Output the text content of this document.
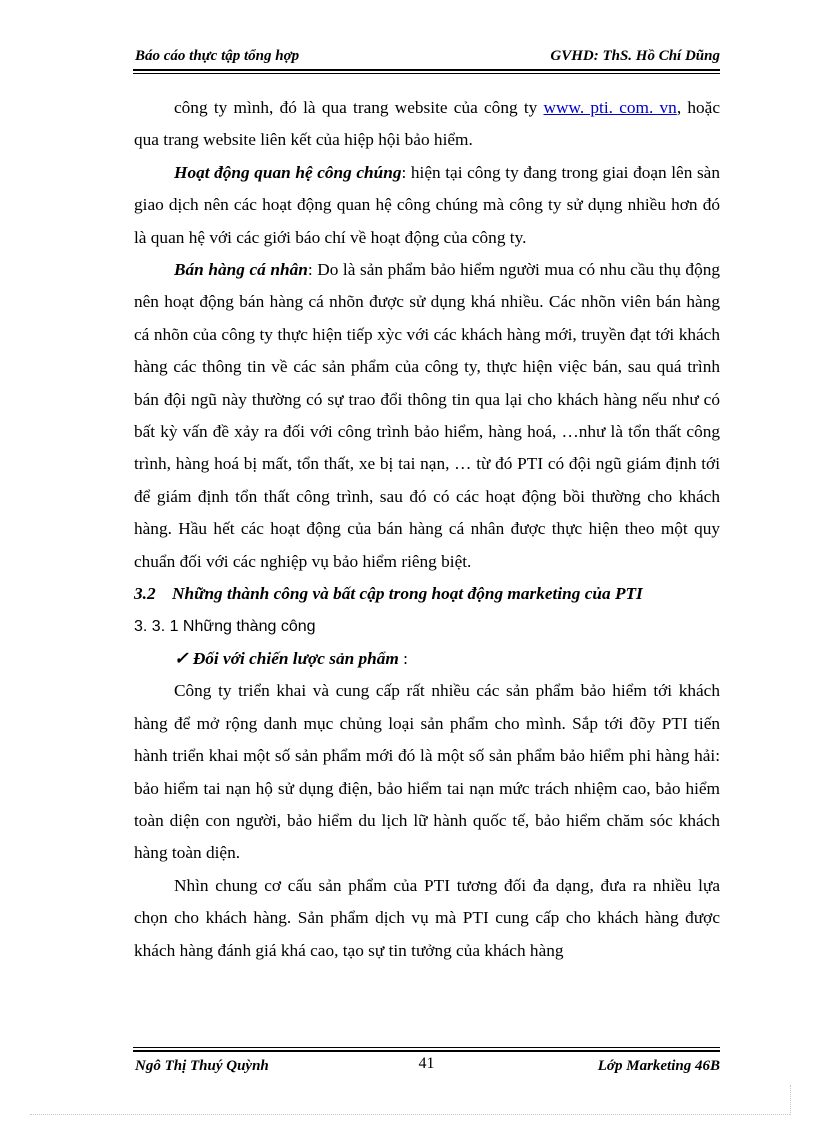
Báo cáo thực tập tổng hợp	GVHD: ThS. Hồ Chí Dũng

công ty mình, đó là qua trang website của công ty www. pti. com. vn, hoặc qua trang website liên kết của hiệp hội bảo hiểm.

Hoạt động quan hệ công chúng: hiện tại công ty đang trong giai đoạn lên sàn giao dịch nên các hoạt động quan hệ công chúng mà công ty sử dụng nhiều hơn đó là quan hệ với các giới báo chí về hoạt động của công ty.

Bán hàng cá nhân: Do là sản phẩm bảo hiểm người mua có nhu cầu thụ động nên hoạt động bán hàng cá nhõn được sử dụng khá nhiều. Các nhõn viên bán hàng cá nhõn của công ty thực hiện tiếp xỳc với các khách hàng mới, truyền đạt tới khách hàng các thông tin về các sản phẩm của công ty, thực hiện việc bán, sau quá trình bán đội ngũ này thường có sự trao đổi thông tin qua lại cho khách hàng nếu như có bất kỳ vấn đề xảy ra đối với công trình bảo hiểm, hàng hoá, …như là tổn thất công trình, hàng hoá bị mất, tổn thất, xe bị tai nạn, … từ đó PTI có đội ngũ giám định tới để giám định tổn thất công trình, sau đó có các hoạt động bồi thường cho khách hàng. Hầu hết các hoạt động của bán hàng cá nhân được thực hiện theo một quy chuẩn đối với các nghiệp vụ bảo hiểm riêng biệt.

3.2 Những thành công và bất cập trong hoạt động marketing của PTI
3. 3. 1 Những thàng công
✓ Đối với chiến lược sản phẩm :

Công ty triển khai và cung cấp rất nhiều các sản phẩm bảo hiểm tới khách hàng để mở rộng danh mục chủng loại sản phẩm cho mình. Sắp tới đõy PTI tiến hành triển khai một số sản phẩm mới đó là một số sản phẩm bảo hiểm phi hàng hải: bảo hiểm tai nạn hộ sử dụng điện, bảo hiểm tai nạn mức trách nhiệm cao, bảo hiểm toàn diện con người, bảo hiểm du lịch lữ hành quốc tế, bảo hiểm chăm sóc khách hàng toàn diện.

Nhìn chung cơ cấu sản phẩm của PTI tương đối đa dạng, đưa ra nhiều lựa chọn cho khách hàng. Sản phẩm dịch vụ mà PTI cung cấp cho khách hàng được khách hàng đánh giá khá cao, tạo sự tin tưởng của khách hàng

Ngô Thị Thuý Quỳnh	41	Lớp Marketing 46B
